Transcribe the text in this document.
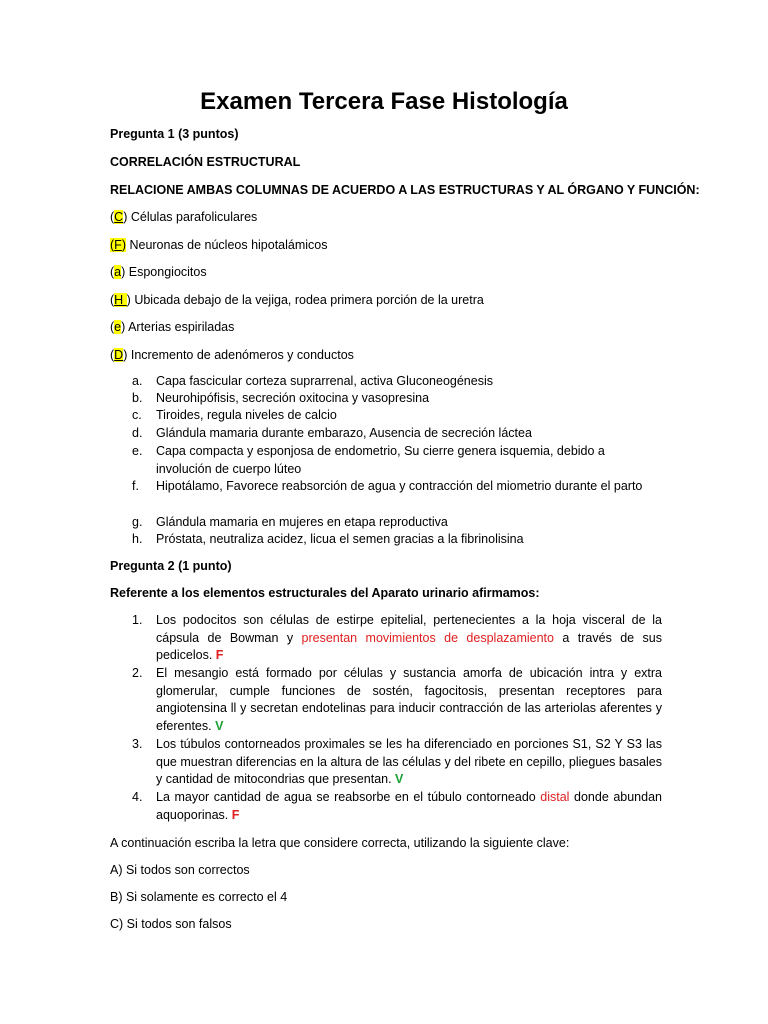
Examen Tercera Fase Histología
Pregunta 1 (3 puntos)
CORRELACIÓN ESTRUCTURAL
RELACIONE AMBAS COLUMNAS DE ACUERDO A LAS ESTRUCTURAS Y AL ÓRGANO Y FUNCIÓN:
(C) Células parafoliculares
(F) Neuronas de núcleos hipotalámicos
(a) Espongiocitos
(H ) Ubicada debajo de la vejiga, rodea primera porción de la uretra
(e) Arterias espiriladas
(D) Incremento de adenómeros y conductos
a. Capa fascicular corteza suprarrenal, activa Gluconeogénesis
b. Neurohipófisis, secreción oxitocina y vasopresina
c. Tiroides, regula niveles de calcio
d. Glándula mamaria durante embarazo, Ausencia de secreción láctea
e. Capa compacta y esponjosa de endometrio, Su cierre genera isquemia, debido a involución de cuerpo lúteo
f. Hipotálamo, Favorece reabsorción de agua y contracción del miometrio durante el parto
g. Glándula mamaria en mujeres en etapa reproductiva
h. Próstata, neutraliza acidez, licua el semen gracias a la fibrinolisina
Pregunta 2 (1 punto)
Referente a los elementos estructurales del Aparato urinario afirmamos:
1. Los podocitos son células de estirpe epitelial, pertenecientes a la hoja visceral de la cápsula de Bowman y presentan movimientos de desplazamiento a través de sus pedicelos. F
2. El mesangio está formado por células y sustancia amorfa de ubicación intra y extra glomerular, cumple funciones de sostén, fagocitosis, presentan receptores para angiotensina ll y secretan endotelinas para inducir contracción de las arteriolas aferentes y eferentes. V
3. Los túbulos contorneados proximales se les ha diferenciado en porciones S1, S2 Y S3 las que muestran diferencias en la altura de las células y del ribete en cepillo, pliegues basales y cantidad de mitocondrias que presentan. V
4. La mayor cantidad de agua se reabsorbe en el túbulo contorneado distal donde abundan aquoporinas. F
A continuación escriba la letra que considere correcta, utilizando la siguiente clave:
A) Si todos son correctos
B) Si solamente es correcto el 4
C) Si todos son falsos
